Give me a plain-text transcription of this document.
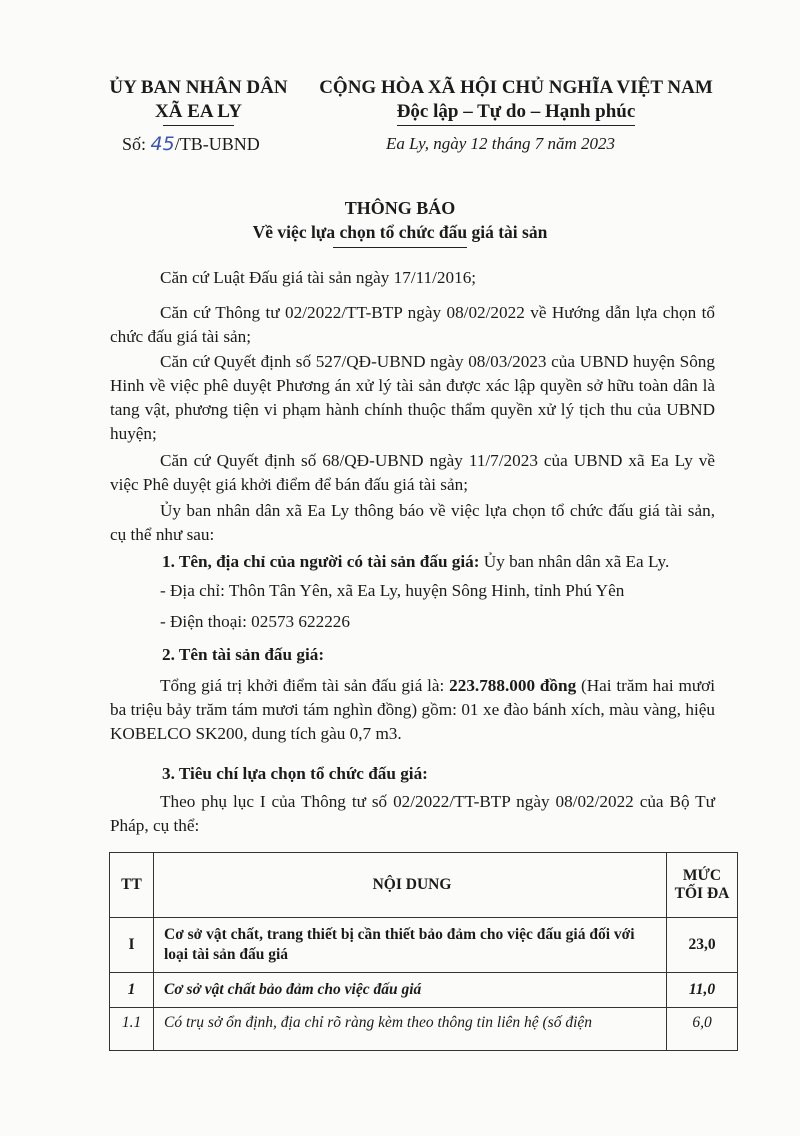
ỦY BAN NHÂN DÂN
XÃ EA LY
CỘNG HÒA XÃ HỘI CHỦ NGHĨA VIỆT NAM
Độc lập – Tự do – Hạnh phúc
Số: 45/TB-UBND	Ea Ly, ngày 12 tháng 7 năm 2023
THÔNG BÁO
Về việc lựa chọn tổ chức đấu giá tài sản
Căn cứ Luật Đấu giá tài sản ngày 17/11/2016;
Căn cứ Thông tư 02/2022/TT-BTP ngày 08/02/2022 về Hướng dẫn lựa chọn tổ chức đấu giá tài sản;
Căn cứ Quyết định số 527/QĐ-UBND ngày 08/03/2023 của UBND huyện Sông Hinh về việc phê duyệt Phương án xử lý tài sản được xác lập quyền sở hữu toàn dân là tang vật, phương tiện vi phạm hành chính thuộc thẩm quyền xử lý tịch thu của UBND huyện;
Căn cứ Quyết định số 68/QĐ-UBND ngày 11/7/2023 của UBND xã Ea Ly về việc Phê duyệt giá khởi điểm để bán đấu giá tài sản;
Ủy ban nhân dân xã Ea Ly thông báo về việc lựa chọn tổ chức đấu giá tài sản, cụ thể như sau:
1. Tên, địa chỉ của người có tài sản đấu giá: Ủy ban nhân dân xã Ea Ly.
- Địa chỉ: Thôn Tân Yên, xã Ea Ly, huyện Sông Hinh, tỉnh Phú Yên
- Điện thoại: 02573 622226
2. Tên tài sản đấu giá:
Tổng giá trị khởi điểm tài sản đấu giá là: 223.788.000 đồng (Hai trăm hai mươi ba triệu bảy trăm tám mươi tám nghìn đồng) gồm: 01 xe đào bánh xích, màu vàng, hiệu KOBELCO SK200, dung tích gàu 0,7 m3.
3. Tiêu chí lựa chọn tổ chức đấu giá:
Theo phụ lục I của Thông tư số 02/2022/TT-BTP ngày 08/02/2022 của Bộ Tư Pháp, cụ thể:
TT	NỘI DUNG	MỨC
TỐI ĐA

I	Cơ sở vật chất, trang thiết bị cần thiết bảo đảm cho việc đấu giá đối với loại tài sản đấu giá	23,0
1	Cơ sở vật chất bảo đảm cho việc đấu giá	11,0
1.1	Có trụ sở ổn định, địa chỉ rõ ràng kèm theo thông tin liên hệ (số điện	6,0
